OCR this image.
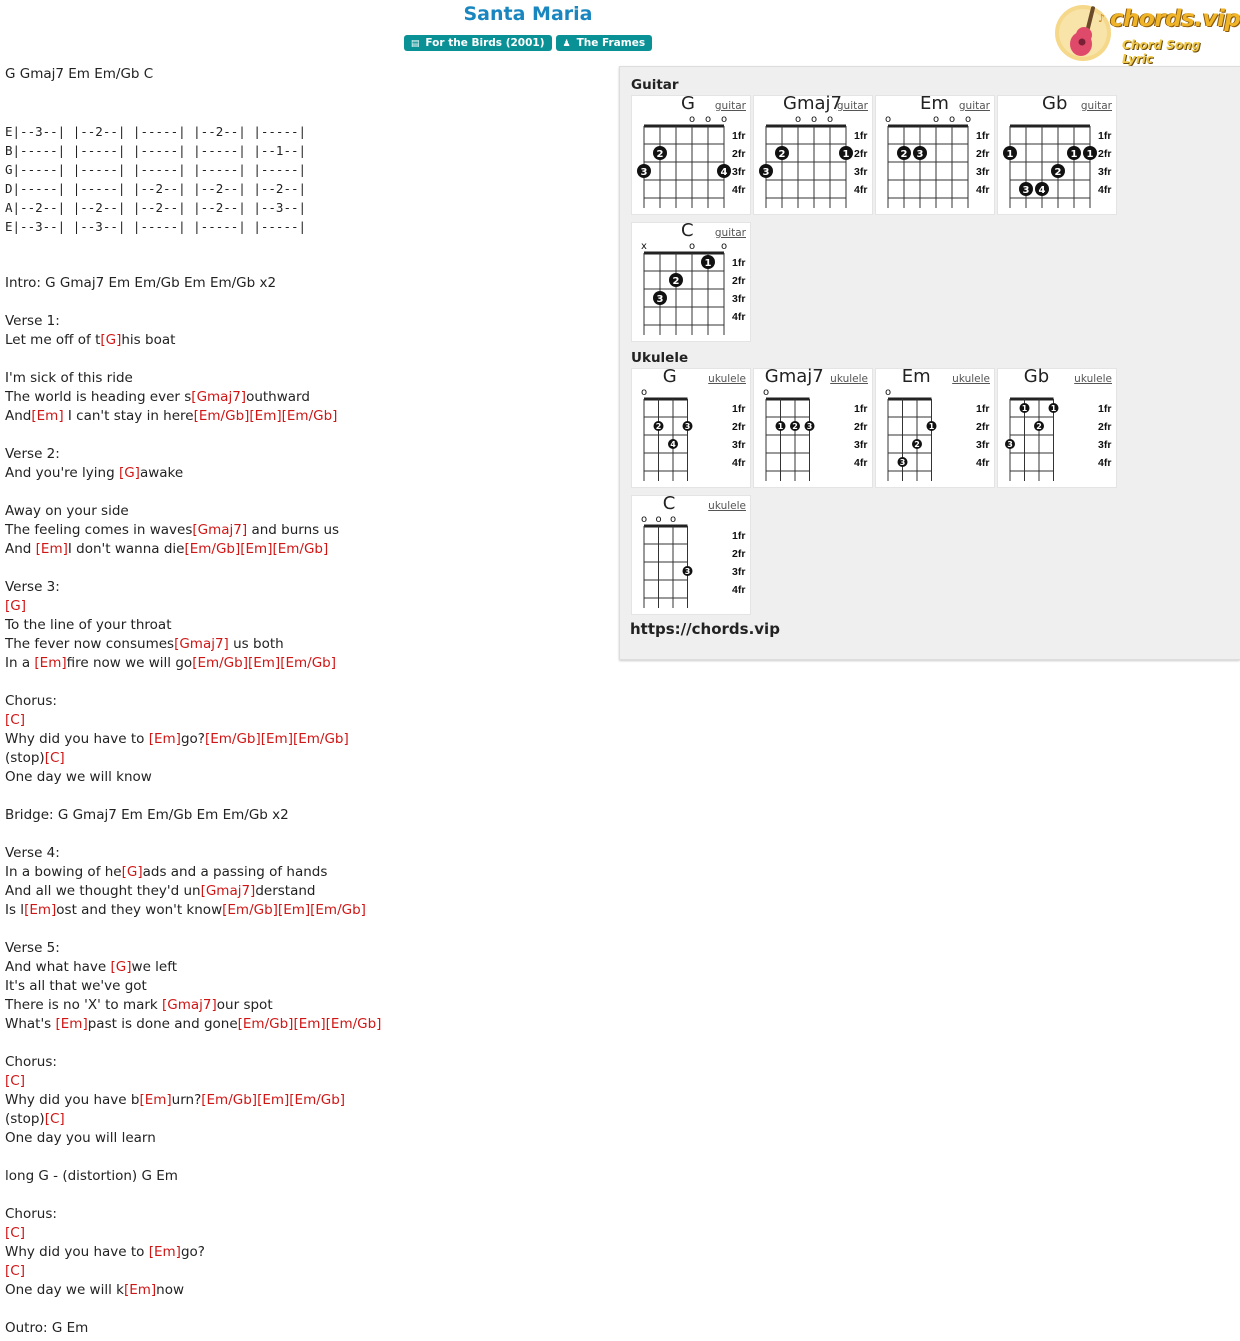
Santa Maria
▤ For the Birds (2001) ♟ The Frames
♪ chords.vip
Chord Song Lyric
G Gmaj7 Em Em/Gb C
E|--3--| |--2--| |-----| |--2--| |-----|
B|-----| |-----| |-----| |-----| |--1--|
G|-----| |-----| |-----| |-----| |-----|
D|-----| |-----| |--2--| |--2--| |--2--|
A|--2--| |--2--| |--2--| |--2--| |--3--|
E|--3--| |--3--| |-----| |-----| |-----|
Intro: G Gmaj7 Em Em/Gb Em Em/Gb x2
Verse 1:
Let me off of t[G]his boat
I'm sick of this ride
The world is heading ever s[Gmaj7]outhward
And[Em] I can't stay in here[Em/Gb][Em][Em/Gb]
Verse 2:
And you're lying [G]awake
Away on your side
The feeling comes in waves[Gmaj7] and burns us
And [Em]I don't wanna die[Em/Gb][Em][Em/Gb]
Verse 3:
[G]
To the line of your throat
The fever now consumes[Gmaj7] us both
In a [Em]fire now we will go[Em/Gb][Em][Em/Gb]
Chorus:
[C]
Why did you have to [Em]go?[Em/Gb][Em][Em/Gb]
(stop)[C]
One day we will know
Bridge: G Gmaj7 Em Em/Gb Em Em/Gb x2
Verse 4:
In a bowing of he[G]ads and a passing of hands
And all we thought they'd un[Gmaj7]derstand
Is l[Em]ost and they won't know[Em/Gb][Em][Em/Gb]
Verse 5:
And what have [G]we left
It's all that we've got
There is no 'X' to mark [Gmaj7]our spot
What's [Em]past is done and gone[Em/Gb][Em][Em/Gb]
Chorus:
[C]
Why did you have b[Em]urn?[Em/Gb][Em][Em/Gb]
(stop)[C]
One day you will learn
long G - (distortion) G Em
Chorus:
[C]
Why did you have to [Em]go?
[C]
One day we will k[Em]now
Outro: G Em
Guitar
Ukulele
https://chords.vip
1fr
2fr
3fr
4fr
o o o
3
2
4
G guitar
1fr
2fr
3fr
4fr
o o o
3
2	1
Gmaj7
guitar
1fr
2fr
3fr
4fr
o	o o o
2 3
Em guitar
1fr
2fr
3fr
4fr
1
3 4
2
1 1
Gb guitar
1fr
2fr
3fr
4fr
x	o	o
3
2
1
C guitar
1fr
2fr
3fr
4fr
o
2
4
3
G	ukulele
1fr
2fr
3fr
4fr
o
1 2 3
Gmaj7 ukulele
1fr
2fr
3fr
4fr
o
3
2
1
Em ukulele
1fr
2fr
3fr
4fr
3
1
2
1
Gb ukulele
1fr
2fr
3fr
4fr
o o o
3
C	ukulele
